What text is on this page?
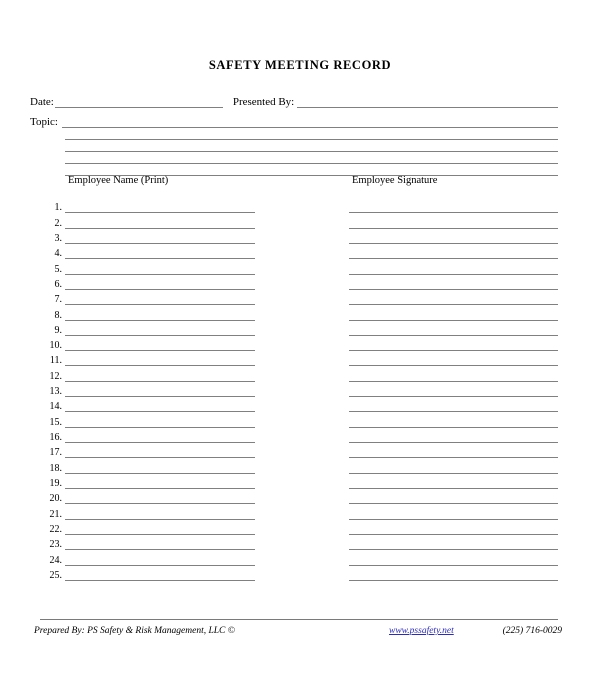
SAFETY MEETING RECORD
Date:	Presented By:
Topic:
Employee Name (Print)	Employee Signature
1.
2.
3.
4.
5.
6.
7.
8.
9.
10.
11.
12.
13.
14.
15.
16.
17.
18.
19.
20.
21.
22.
23.
24.
25.
Prepared By: PS Safety & Risk Management, LLC ©	www.pssafety.net	(225) 716-0029
